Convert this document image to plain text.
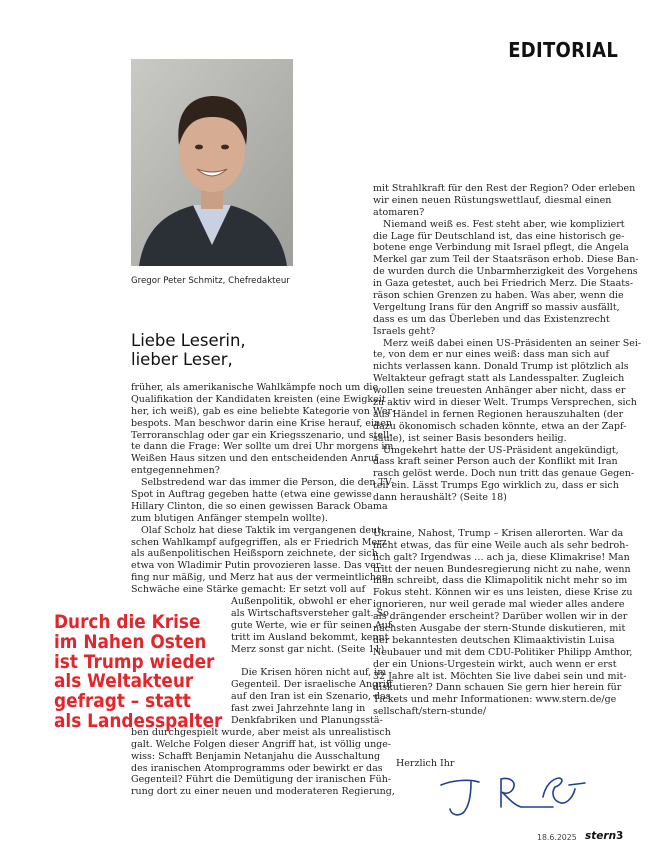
EDITORIAL
Gregor Peter Schmitz, Chefredakteur
Liebe Leserin,
lieber Leser,
früher, als amerikanische Wahlkämpfe noch um die
Qualifikation der Kandidaten kreisten (eine Ewigkeit
her, ich weiß), gab es eine beliebte Kategorie von Wer-
bespots. Man beschwor darin eine Krise herauf, einen
Terroranschlag oder gar ein Kriegsszenario, und stell-
te dann die Frage: Wer sollte um drei Uhr morgens im
Weißen Haus sitzen und den entscheidenden Anruf
entgegennehmen?
Selbstredend war das immer die Person, die den TV-
Spot in Auftrag gegeben hatte (etwa eine gewisse
Hillary Clinton, die so einen gewissen Barack Obama
zum blutigen Anfänger stempeln wollte).
Olaf Scholz hat diese Taktik im vergangenen deut-
schen Wahlkampf aufgegriffen, als er Friedrich Merz
als außenpolitischen Heißsporn zeichnete, der sich
etwa von Wladimir Putin provozieren lasse. Das ver-
fing nur mäßig, und Merz hat aus der vermeintlichen
Schwäche eine Stärke gemacht: Er setzt voll auf
Außenpolitik, obwohl er eher
als Wirtschaftsversteher galt. So
gute Werte, wie er für seinen Auf-
tritt im Ausland bekommt, kennt
Merz sonst gar nicht. (Seite 11)
Die Krisen hören nicht auf, im
Gegenteil. Der israelische Angriff
auf den Iran ist ein Szenario, das
fast zwei Jahrzehnte lang in
Denkfabriken und Planungsstä-
ben durchgespielt wurde, aber meist als unrealistisch
galt. Welche Folgen dieser Angriff hat, ist völlig unge-
wiss: Schafft Benjamin Netanjahu die Ausschaltung
des iranischen Atomprogramms oder bewirkt er das
Gegenteil? Führt die Demütigung der iranischen Füh-
rung dort zu einer neuen und moderateren Regierung,
Durch die Krise
im Nahen Osten
ist Trump wieder
als Weltakteur
gefragt – statt
als Landesspalter
mit Strahlkraft für den Rest der Region? Oder erleben
wir einen neuen Rüstungswettlauf, diesmal einen
atomaren?
Niemand weiß es. Fest steht aber, wie kompliziert
die Lage für Deutschland ist, das eine historisch ge-
botene enge Verbindung mit Israel pflegt, die Angela
Merkel gar zum Teil der Staatsräson erhob. Diese Ban-
de wurden durch die Unbarmherzigkeit des Vorgehens
in Gaza getestet, auch bei Friedrich Merz. Die Staats-
räson schien Grenzen zu haben. Was aber, wenn die
Vergeltung Irans für den Angriff so massiv ausfällt,
dass es um das Überleben und das Existenzrecht
Israels geht?
Merz weiß dabei einen US-Präsidenten an seiner Sei-
te, von dem er nur eines weiß: dass man sich auf
nichts verlassen kann. Donald Trump ist plötzlich als
Weltakteur gefragt statt als Landesspalter. Zugleich
wollen seine treuesten Anhänger aber nicht, dass er
zu aktiv wird in dieser Welt. Trumps Versprechen, sich
aus Händel in fernen Regionen herauszuhalten (der
dazu ökonomisch schaden könnte, etwa an der Zapf-
säule), ist seiner Basis besonders heilig.
Umgekehrt hatte der US-Präsident angekündigt,
dass kraft seiner Person auch der Konflikt mit Iran
rasch gelöst werde. Doch nun tritt das genaue Gegen-
teil ein. Lässt Trumps Ego wirklich zu, dass er sich
dann heraushält? (Seite 18)
Ukraine, Nahost, Trump – Krisen allerorten. War da
nicht etwas, das für eine Weile auch als sehr bedroh-
lich galt? Irgendwas … ach ja, diese Klimakrise! Man
tritt der neuen Bundesregierung nicht zu nahe, wenn
man schreibt, dass die Klimapolitik nicht mehr so im
Fokus steht. Können wir es uns leisten, diese Krise zu
ignorieren, nur weil gerade mal wieder alles andere
als drängender erscheint? Darüber wollen wir in der
nächsten Ausgabe der stern-Stunde diskutieren, mit
der bekanntesten deutschen Klimaaktivistin Luisa
Neubauer und mit dem CDU-Politiker Philipp Amthor,
der ein Unions-Urgestein wirkt, auch wenn er erst
32 Jahre alt ist. Möchten Sie live dabei sein und mit-
diskutieren? Dann schauen Sie gern hier herein für
Tickets und mehr Informationen: www.stern.de/ge
sellschaft/stern-stunde/
Herzlich Ihr
18.6.2025 stern 3
